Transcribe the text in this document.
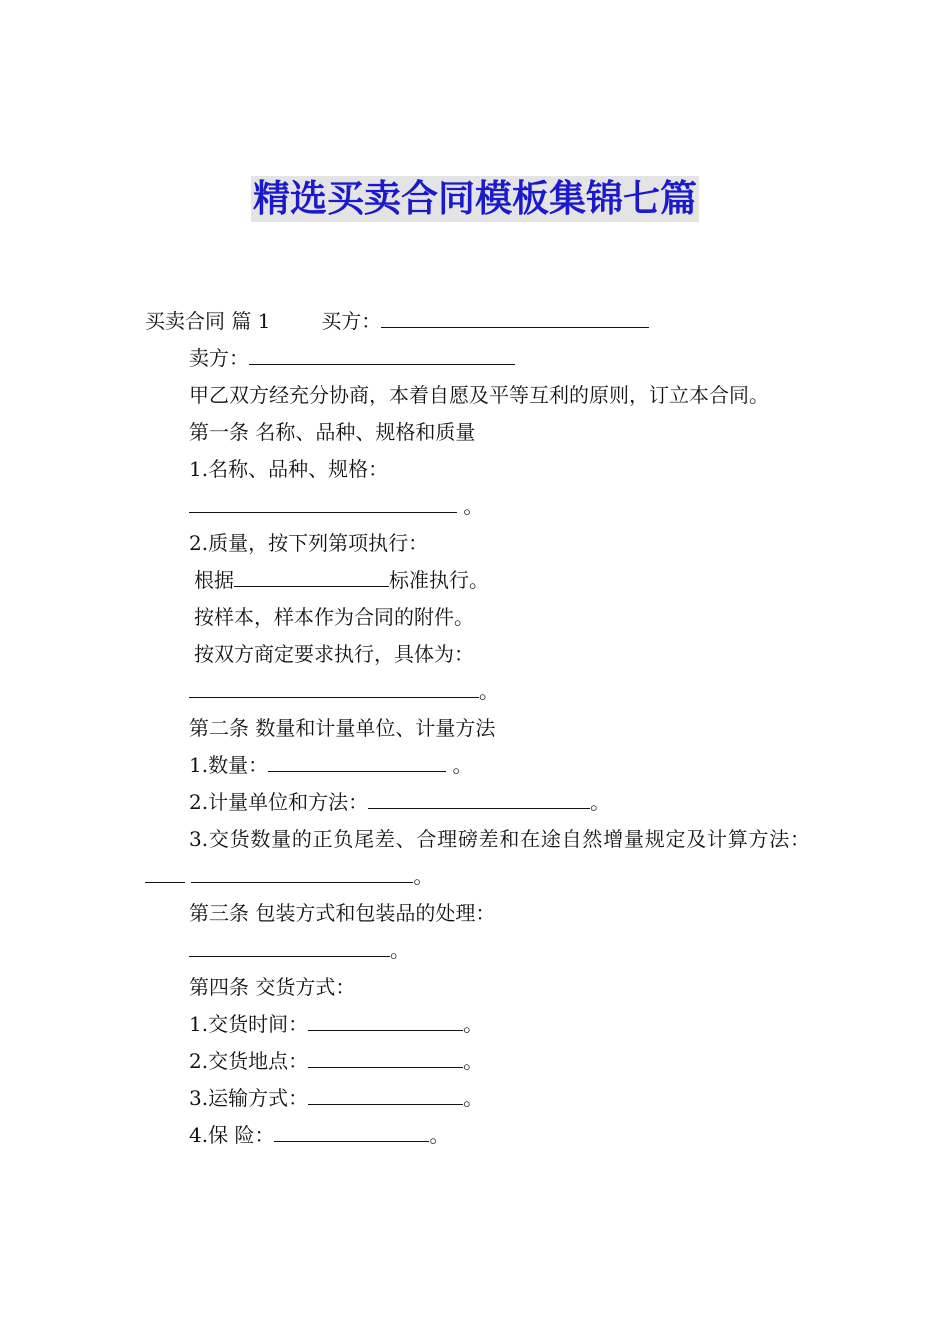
精选买卖合同模板集锦七篇
买卖合同 篇 1	买方：
卖方：
甲乙双方经充分协商，本着自愿及平等互利的原则，订立本合同。
第一条 名称、品种、规格和质量
1.名称、品种、规格：
。
2.质量，按下列第项执行：
根据	标准执行。
按样本，样本作为合同的附件。
按双方商定要求执行，具体为：
。
第二条 数量和计量单位、计量方法
1.数量：	。
2.计量单位和方法：	。
3.交货数量的正负尾差、合理磅差和在途自然增量规定及计算方法： 。
第三条 包装方式和包装品的处理：
。
第四条 交货方式：
1.交货时间：	。
2.交货地点：	。
3.运输方式：	。
4.保 险：	。
